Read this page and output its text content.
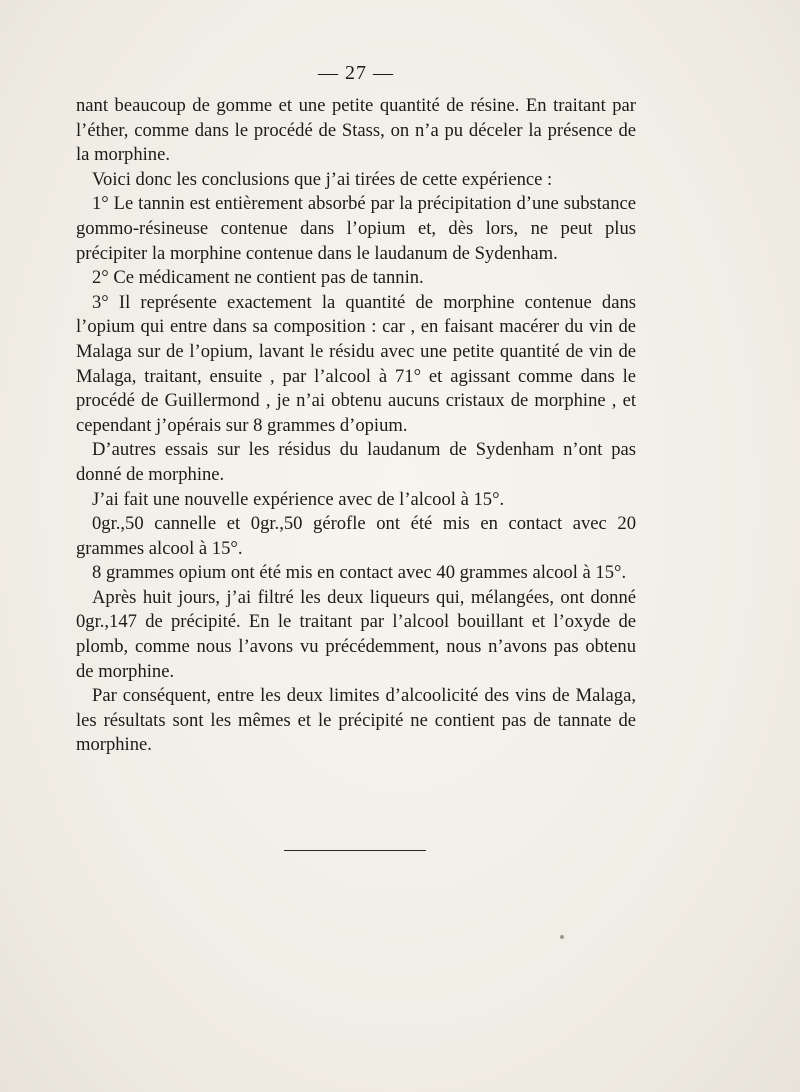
— 27 —

nant beaucoup de gomme et une petite quantité de résine. En traitant par l’éther, comme dans le procédé de Stass, on n’a pu déceler la présence de la morphine.

Voici donc les conclusions que j’ai tirées de cette expérience :

1° Le tannin est entièrement absorbé par la précipitation d’une substance gommo-résineuse contenue dans l’opium et, dès lors, ne peut plus précipiter la morphine contenue dans le laudanum de Sydenham.

2° Ce médicament ne contient pas de tannin.

3° Il représente exactement la quantité de morphine contenue dans l’opium qui entre dans sa composition : car , en faisant macérer du vin de Malaga sur de l’opium, lavant le résidu avec une petite quantité de vin de Malaga, traitant, ensuite , par l’alcool à 71° et agissant comme dans le procédé de Guillermond , je n’ai obtenu aucuns cristaux de morphine , et cependant j’opérais sur 8 grammes d’opium.

D’autres essais sur les résidus du laudanum de Sydenham n’ont pas donné de morphine.

J’ai fait une nouvelle expérience avec de l’alcool à 15°.

0gr.,50 cannelle et 0gr.,50 gérofle ont été mis en contact avec 20 grammes alcool à 15°.

8 grammes opium ont été mis en contact avec 40 grammes alcool à 15°.

Après huit jours, j’ai filtré les deux liqueurs qui, mélangées, ont donné 0gr.,147 de précipité. En le traitant par l’alcool bouillant et l’oxyde de plomb, comme nous l’avons vu précédemment, nous n’avons pas obtenu de morphine.

Par conséquent, entre les deux limites d’alcoolicité des vins de Malaga, les résultats sont les mêmes et le précipité ne contient pas de tannate de morphine.
